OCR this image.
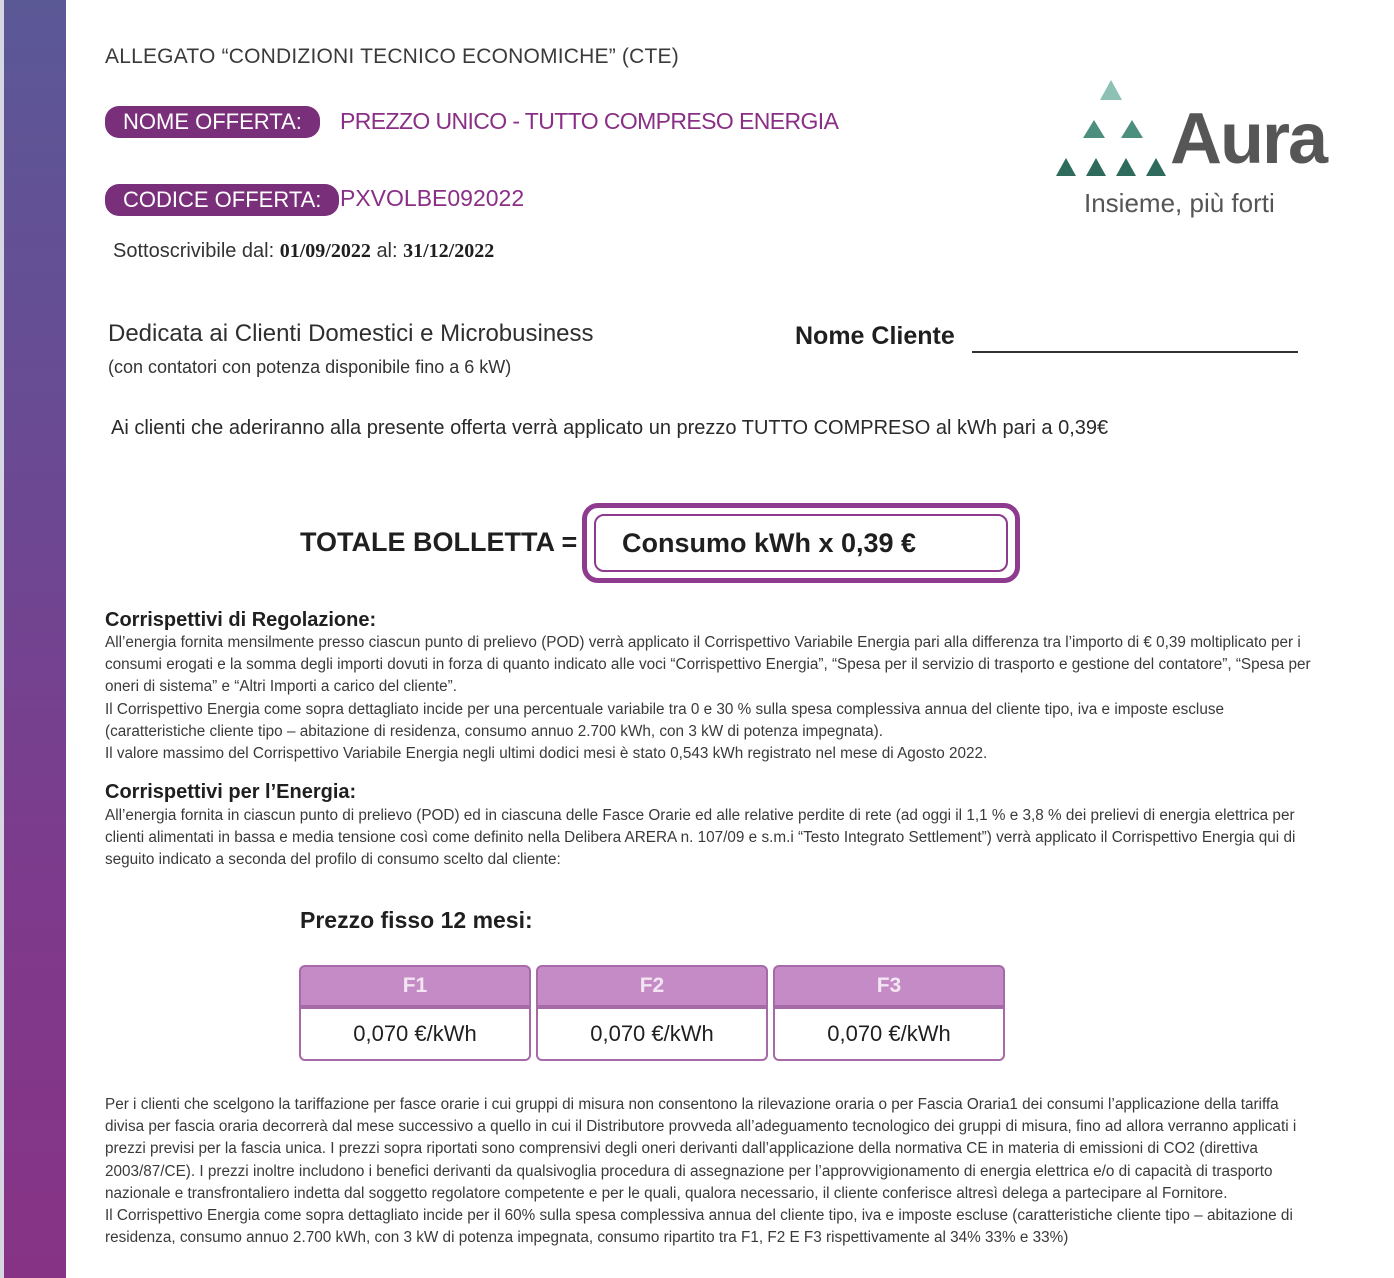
ALLEGATO “CONDIZIONI TECNICO ECONOMICHE” (CTE)
NOME OFFERTA:	PREZZO UNICO - TUTTO COMPRESO ENERGIA
CODICE OFFERTA: PXVOLBE092022
Sottoscrivibile dal: 01/09/2022 al: 31/12/2022
Aura
Insieme, più forti
Dedicata ai Clienti Domestici e Microbusiness
(con contatori con potenza disponibile fino a 6 kW)
Nome Cliente
Ai clienti che aderiranno alla presente offerta verrà applicato un prezzo TUTTO COMPRESO al kWh pari a 0,39€
TOTALE BOLLETTA =	Consumo kWh x 0,39 €
Corrispettivi di Regolazione:

All’energia fornita mensilmente presso ciascun punto di prelievo (POD) verrà applicato il Corrispettivo Variabile Energia pari alla differenza tra l’importo di € 0,39 moltiplicato per i consumi erogati e la somma degli importi dovuti in forza di quanto indicato alle voci “Corrispettivo Energia”, “Spesa per il servizio di trasporto e gestione del contatore”, “Spesa per oneri di sistema” e “Altri Importi a carico del cliente”.

Il Corrispettivo Energia come sopra dettagliato incide per una percentuale variabile tra 0 e 30 % sulla spesa complessiva annua del cliente tipo, iva e imposte escluse (caratteristiche cliente tipo – abitazione di residenza, consumo annuo 2.700 kWh, con 3 kW di potenza impegnata).

Il valore massimo del Corrispettivo Variabile Energia negli ultimi dodici mesi è stato 0,543 kWh registrato nel mese di Agosto 2022.

Corrispettivi per l’Energia:

All’energia fornita in ciascun punto di prelievo (POD) ed in ciascuna delle Fasce Orarie ed alle relative perdite di rete (ad oggi il 1,1 % e 3,8 % dei prelievi di energia elettrica per clienti alimentati in bassa e media tensione così come definito nella Delibera ARERA n. 107/09 e s.m.i “Testo Integrato Settlement”) verrà applicato il Corrispettivo Energia qui di seguito indicato a seconda del profilo di consumo scelto dal cliente:

Prezzo fisso 12 mesi:
F1	F2	F3
0,070 €/kWh	0,070 €/kWh	0,070 €/kWh

Per i clienti che scelgono la tariffazione per fasce orarie i cui gruppi di misura non consentono la rilevazione oraria o per Fascia Oraria1 dei consumi l’applicazione della tariffa divisa per fascia oraria decorrerà dal mese successivo a quello in cui il Distributore provveda all’adeguamento tecnologico dei gruppi di misura, fino ad allora verranno applicati i prezzi previsi per la fascia unica. I prezzi sopra riportati sono comprensivi degli oneri derivanti dall’applicazione della normativa CE in materia di emissioni di CO2 (direttiva 2003/87/CE). I prezzi inoltre includono i benefici derivanti da qualsivoglia procedura di assegnazione per l’approvvigionamento di energia elettrica e/o di capacità di trasporto nazionale e transfrontaliero indetta dal soggetto regolatore competente e per le quali, qualora necessario, il cliente conferisce altresì delega a partecipare al Fornitore.

Il Corrispettivo Energia come sopra dettagliato incide per il 60% sulla spesa complessiva annua del cliente tipo, iva e imposte escluse (caratteristiche cliente tipo – abitazione di residenza, consumo annuo 2.700 kWh, con 3 kW di potenza impegnata, consumo ripartito tra F1, F2 E F3 rispettivamente al 34% 33% e 33%)
